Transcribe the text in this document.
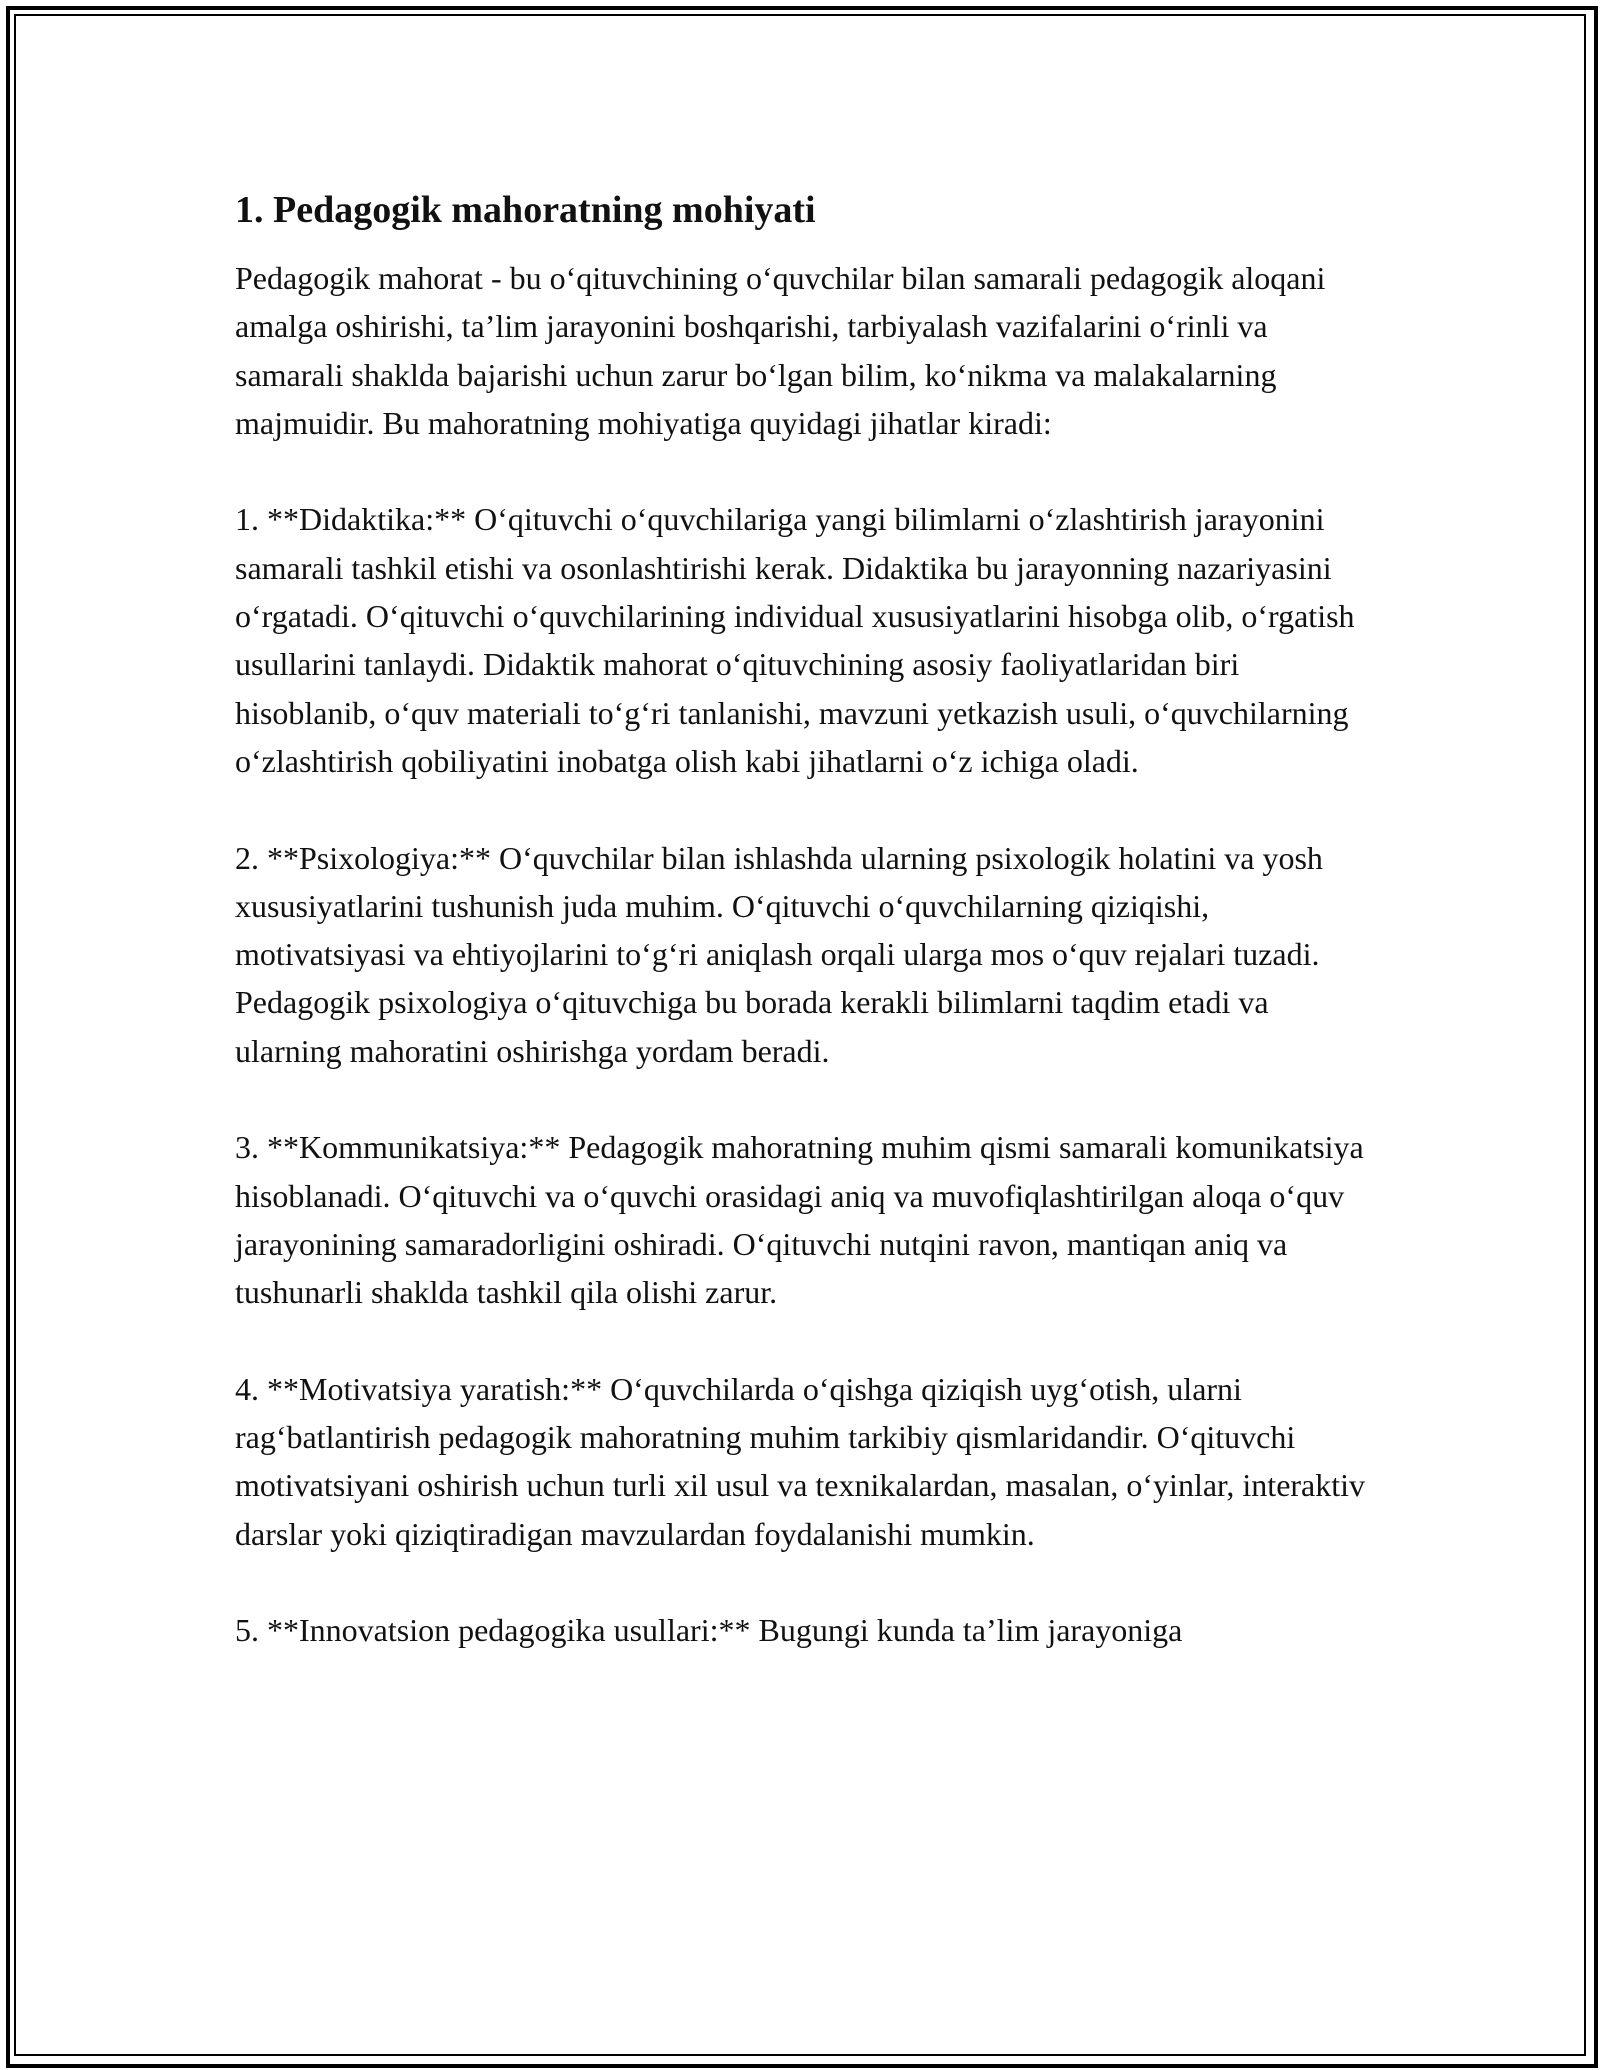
1. Pedagogik mahoratning mohiyati

Pedagogik mahorat - bu o‘qituvchining o‘quvchilar bilan samarali pedagogik aloqani amalga oshirishi, ta’lim jarayonini boshqarishi, tarbiyalash vazifalarini o‘rinli va samarali shaklda bajarishi uchun zarur bo‘lgan bilim, ko‘nikma va malakalarning majmuidir. Bu mahoratning mohiyatiga quyidagi jihatlar kiradi:

1. **Didaktika:** O‘qituvchi o‘quvchilariga yangi bilimlarni o‘zlashtirish jarayonini samarali tashkil etishi va osonlashtirishi kerak. Didaktika bu jarayonning nazariyasini o‘rgatadi. O‘qituvchi o‘quvchilarining individual xususiyatlarini hisobga olib, o‘rgatish usullarini tanlaydi. Didaktik mahorat o‘qituvchining asosiy faoliyatlaridan biri hisoblanib, o‘quv materiali to‘g‘ri tanlanishi, mavzuni yetkazish usuli, o‘quvchilarning o‘zlashtirish qobiliyatini inobatga olish kabi jihatlarni o‘z ichiga oladi.

2. **Psixologiya:** O‘quvchilar bilan ishlashda ularning psixologik holatini va yosh xususiyatlarini tushunish juda muhim. O‘qituvchi o‘quvchilarning qiziqishi, motivatsiyasi va ehtiyojlarini to‘g‘ri aniqlash orqali ularga mos o‘quv rejalari tuzadi. Pedagogik psixologiya o‘qituvchiga bu borada kerakli bilimlarni taqdim etadi va ularning mahoratini oshirishga yordam beradi.

3. **Kommunikatsiya:** Pedagogik mahoratning muhim qismi samarali komunikatsiya hisoblanadi. O‘qituvchi va o‘quvchi orasidagi aniq va muvofiqlashtirilgan aloqa o‘quv jarayonining samaradorligini oshiradi. O‘qituvchi nutqini ravon, mantiqan aniq va tushunarli shaklda tashkil qila olishi zarur.

4. **Motivatsiya yaratish:** O‘quvchilarda o‘qishga qiziqish uyg‘otish, ularni rag‘batlantirish pedagogik mahoratning muhim tarkibiy qismlaridandir. O‘qituvchi motivatsiyani oshirish uchun turli xil usul va texnikalardan, masalan, o‘yinlar, interaktiv darslar yoki qiziqtiradigan mavzulardan foydalanishi mumkin.

5. **Innovatsion pedagogika usullari:** Bugungi kunda ta’lim jarayoniga
